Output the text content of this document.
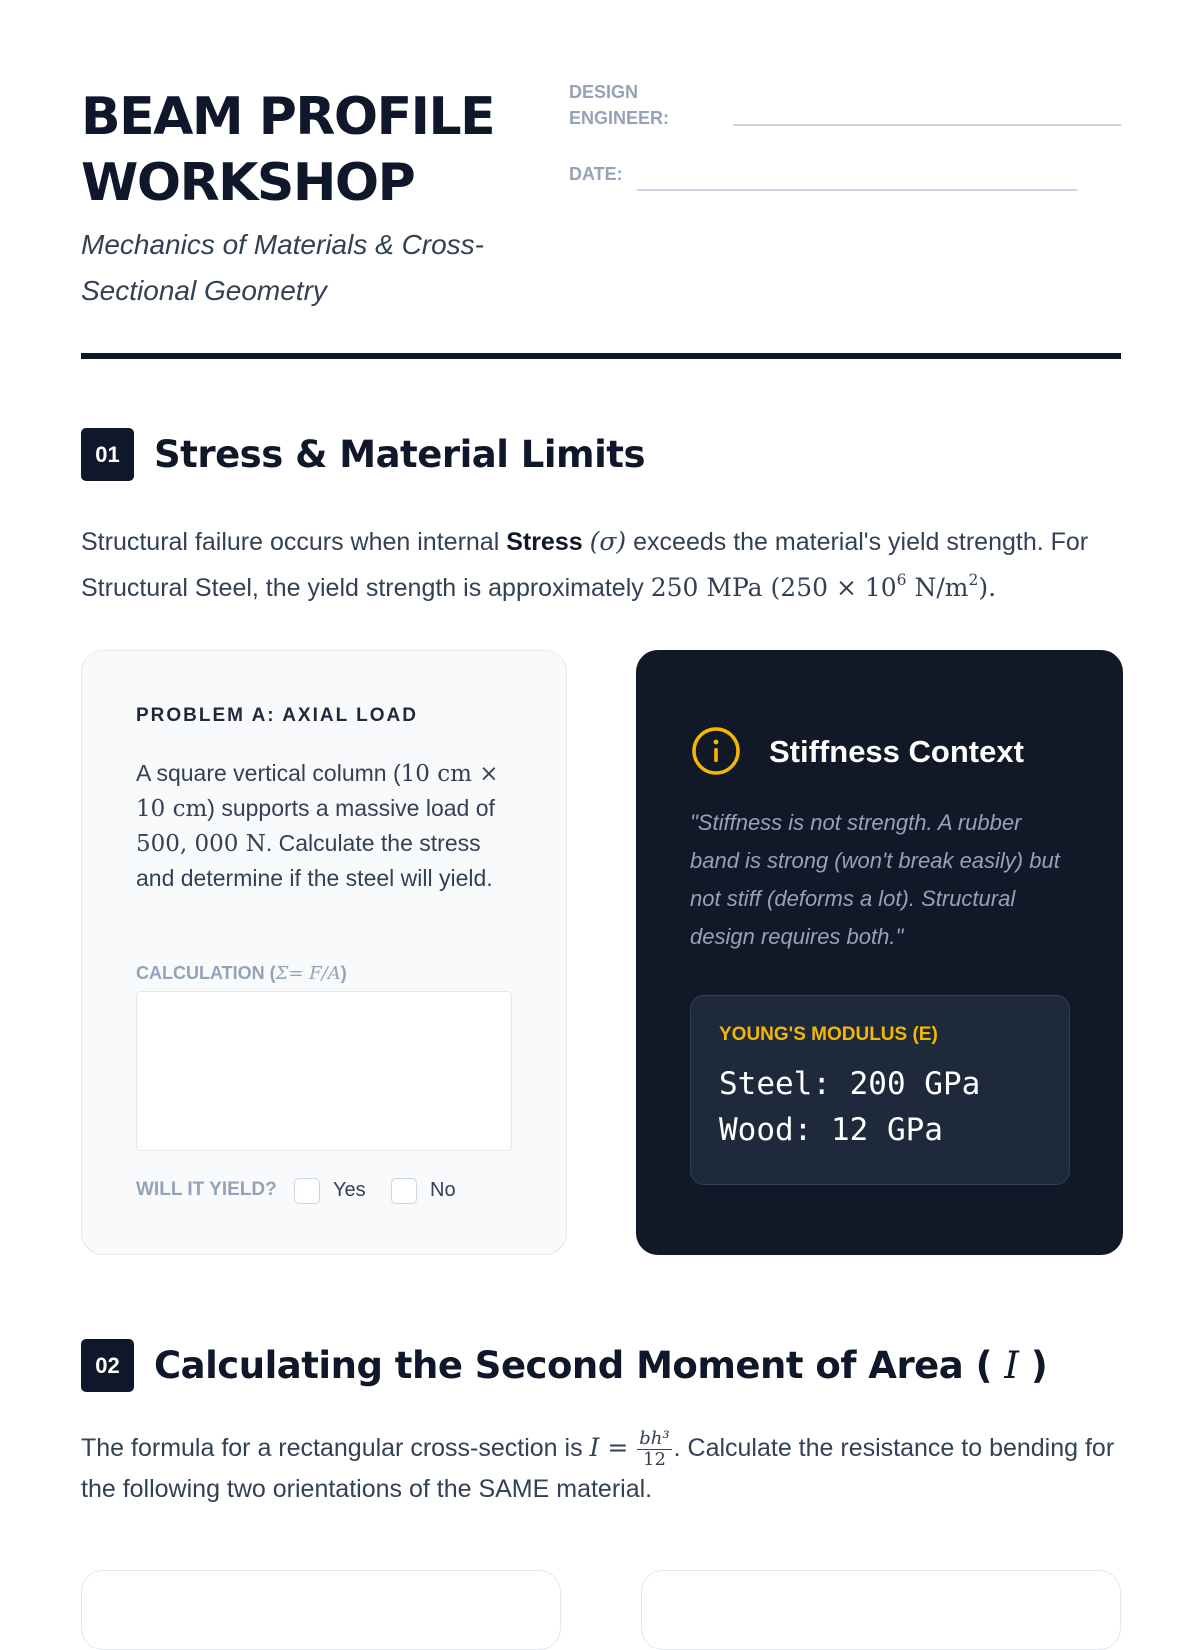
BEAM PROFILE
WORKSHOP

Mechanics of Materials & Cross-Sectional Geometry

DESIGN ENGINEER:

DATE:

01 Stress & Material Limits

Structural failure occurs when internal Stress (σ) exceeds the material's yield strength. For Structural Steel, the yield strength is approximately 250 MPa ($250 \times 10^6$ $N/m^2$).

PROBLEM A: AXIAL LOAD

A square vertical column (10 cm × 10 cm) supports a massive load of 500, 000 N. Calculate the stress and determine if the steel will yield.

CALCULATION (Σ= F/A)
WILL IT YIELD?	Yes	No
Stiffness Context

"Stiffness is not strength. A rubber band is strong (won't break easily) but not stiff (deforms a lot). Structural design requires both."

YOUNG'S MODULUS (E)
Steel: 200 GPa
Wood: 12 GPa
02 Calculating the Second Moment of Area ( I )

The formula for a rectangular cross-section is $I = \frac{\text{bh³}}{12}$ . Calculate the resistance to bending for the following two orientations of the SAME material.
